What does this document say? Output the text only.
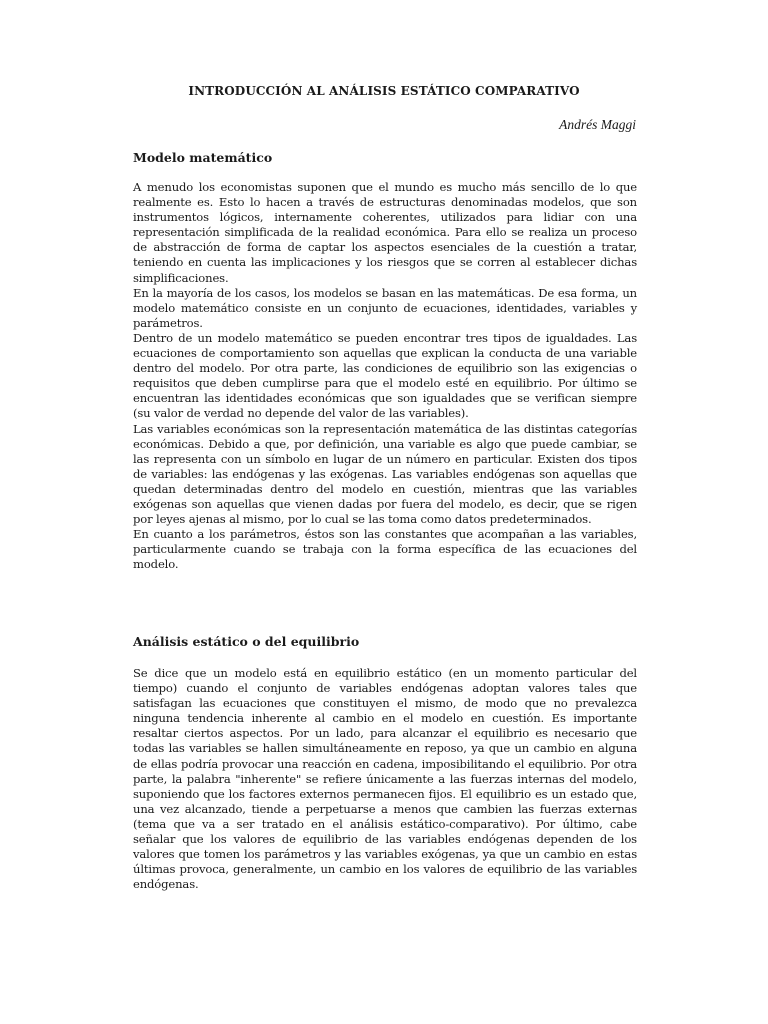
INTRODUCCIÓN AL ANÁLISIS ESTÁTICO COMPARATIVO
Andrés Maggi
Modelo matemático

A menudo los economistas suponen que el mundo es mucho más sencillo de lo que realmente es. Esto lo hacen a través de estructuras denominadas modelos, que son instrumentos lógicos, internamente coherentes, utilizados para lidiar con una representación simplificada de la realidad económica. Para ello se realiza un proceso de abstracción de forma de captar los aspectos esenciales de la cuestión a tratar, teniendo en cuenta las implicaciones y los riesgos que se corren al establecer dichas simplificaciones.

En la mayoría de los casos, los modelos se basan en las matemáticas. De esa forma, un modelo matemático consiste en un conjunto de ecuaciones, identidades, variables y parámetros.

Dentro de un modelo matemático se pueden encontrar tres tipos de igualdades. Las ecuaciones de comportamiento son aquellas que explican la conducta de una variable dentro del modelo. Por otra parte, las condiciones de equilibrio son las exigencias o requisitos que deben cumplirse para que el modelo esté en equilibrio. Por último se encuentran las identidades económicas que son igualdades que se verifican siempre (su valor de verdad no depende del valor de las variables).

Las variables económicas son la representación matemática de las distintas categorías económicas. Debido a que, por definición, una variable es algo que puede cambiar, se las representa con un símbolo en lugar de un número en particular. Existen dos tipos de variables: las endógenas y las exógenas. Las variables endógenas son aquellas que quedan determinadas dentro del modelo en cuestión, mientras que las variables exógenas son aquellas que vienen dadas por fuera del modelo, es decir, que se rigen por leyes ajenas al mismo, por lo cual se las toma como datos predeterminados.

En cuanto a los parámetros, éstos son las constantes que acompañan a las variables, particularmente cuando se trabaja con la forma específica de las ecuaciones del modelo.

Análisis estático o del equilibrio

Se dice que un modelo está en equilibrio estático (en un momento particular del tiempo) cuando el conjunto de variables endógenas adoptan valores tales que satisfagan las ecuaciones que constituyen el mismo, de modo que no prevalezca ninguna tendencia inherente al cambio en el modelo en cuestión. Es importante resaltar ciertos aspectos. Por un lado, para alcanzar el equilibrio es necesario que todas las variables se hallen simultáneamente en reposo, ya que un cambio en alguna de ellas podría provocar una reacción en cadena, imposibilitando el equilibrio. Por otra parte, la palabra "inherente" se refiere únicamente a las fuerzas internas del modelo, suponiendo que los factores externos permanecen fijos. El equilibrio es un estado que, una vez alcanzado, tiende a perpetuarse a menos que cambien las fuerzas externas (tema que va a ser tratado en el análisis estático-comparativo). Por último, cabe señalar que los valores de equilibrio de las variables endógenas dependen de los valores que tomen los parámetros y las variables exógenas, ya que un cambio en estas últimas provoca, generalmente, un cambio en los valores de equilibrio de las variables endógenas.
